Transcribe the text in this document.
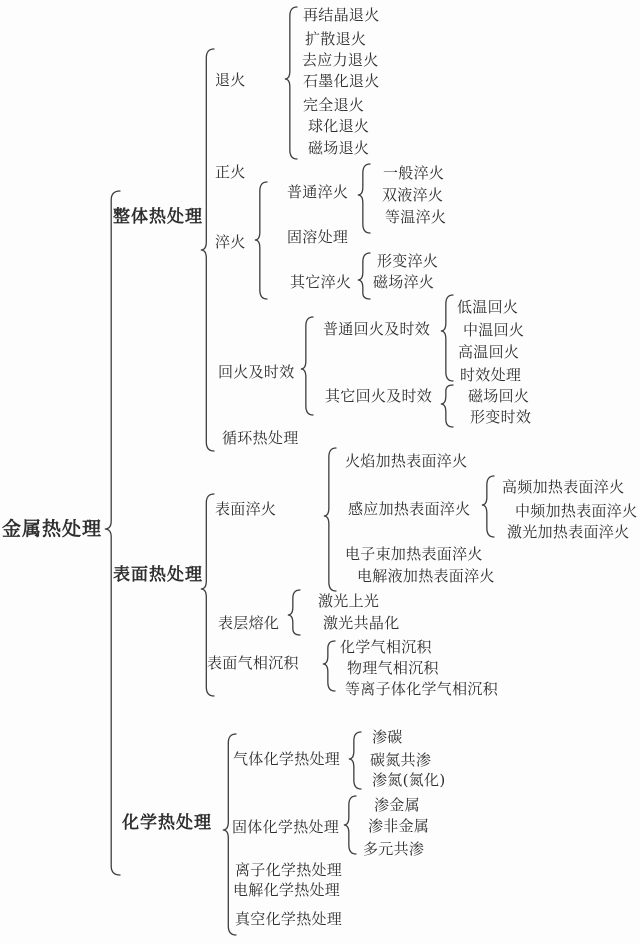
金属热处理
整体热处理
表面热处理
化学热处理
退火
正火
淬火
回火及时效
循环热处理
再结晶退火
扩散退火
去应力退火
石墨化退火
完全退火
球化退火
磁场退火
普通淬火
固溶处理
其它淬火
一般淬火
双液淬火
等温淬火
形变淬火
磁场淬火
普通回火及时效
其它回火及时效
低温回火
中温回火
高温回火
时效处理
磁场回火
形变时效
表面淬火
表层熔化
表面气相沉积
火焰加热表面淬火
感应加热表面淬火
电子束加热表面淬火
电解液加热表面淬火
高频加热表面淬火
中频加热表面淬火
激光加热表面淬火
激光上光
激光共晶化
化学气相沉积
物理气相沉积
等离子体化学气相沉积
气体化学热处理
固体化学热处理
离子化学热处理
电解化学热处理
真空化学热处理
渗碳
碳氮共渗
渗氮(氮化)
渗金属
渗非金属
多元共渗
